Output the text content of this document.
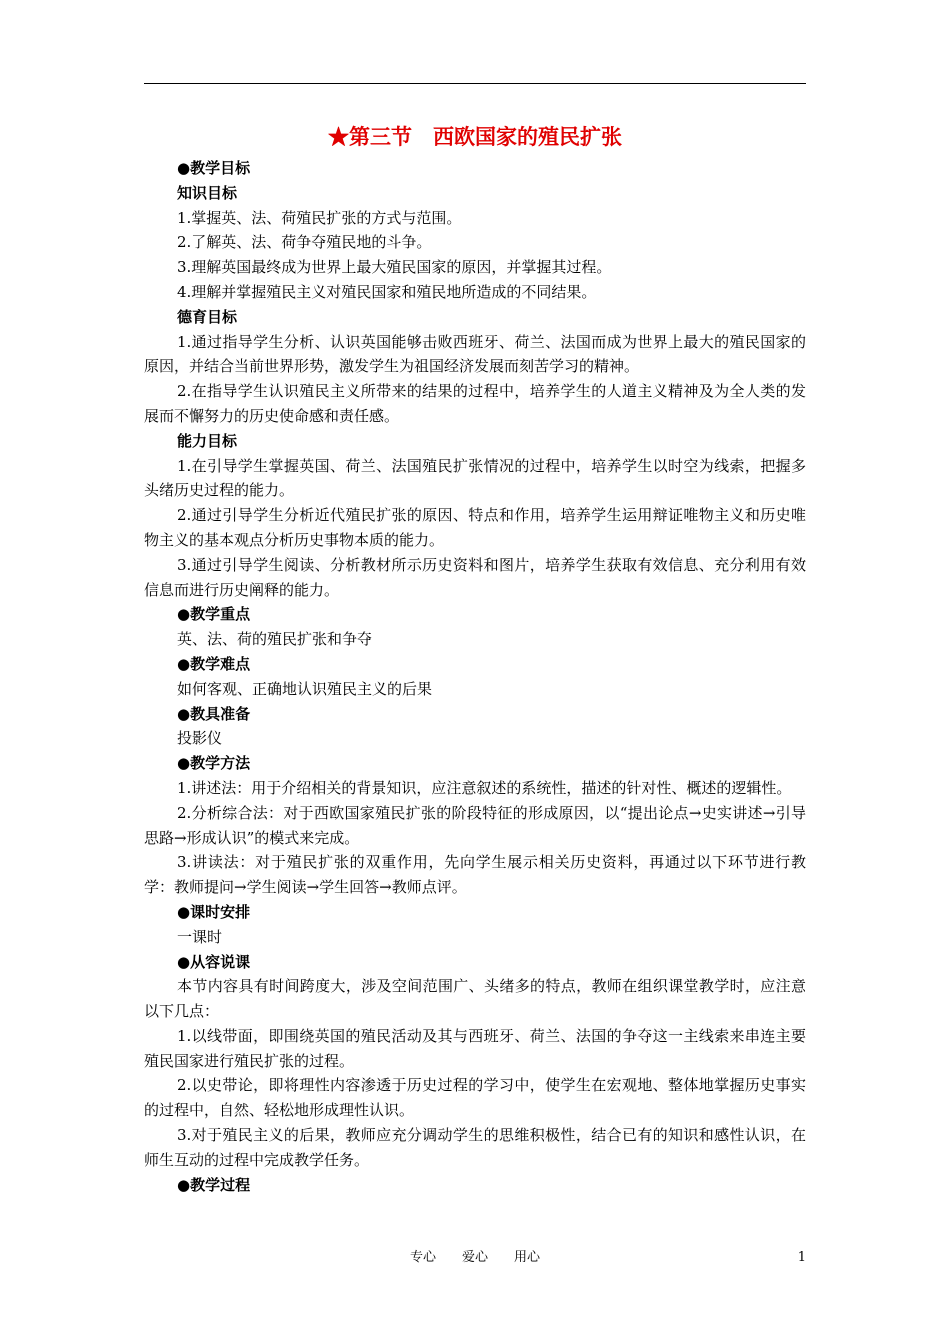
★第三节　西欧国家的殖民扩张
●教学目标
知识目标
1.掌握英、法、荷殖民扩张的方式与范围。
2.了解英、法、荷争夺殖民地的斗争。
3.理解英国最终成为世界上最大殖民国家的原因，并掌握其过程。
4.理解并掌握殖民主义对殖民国家和殖民地所造成的不同结果。
德育目标
1.通过指导学生分析、认识英国能够击败西班牙、荷兰、法国而成为世界上最大的殖民国家的原因，并结合当前世界形势，激发学生为祖国经济发展而刻苦学习的精神。
2.在指导学生认识殖民主义所带来的结果的过程中，培养学生的人道主义精神及为全人类的发展而不懈努力的历史使命感和责任感。
能力目标
1.在引导学生掌握英国、荷兰、法国殖民扩张情况的过程中，培养学生以时空为线索，把握多头绪历史过程的能力。
2.通过引导学生分析近代殖民扩张的原因、特点和作用，培养学生运用辩证唯物主义和历史唯物主义的基本观点分析历史事物本质的能力。
3.通过引导学生阅读、分析教材所示历史资料和图片，培养学生获取有效信息、充分利用有效信息而进行历史阐释的能力。
●教学重点
英、法、荷的殖民扩张和争夺
●教学难点
如何客观、正确地认识殖民主义的后果
●教具准备
投影仪
●教学方法
1.讲述法：用于介绍相关的背景知识，应注意叙述的系统性，描述的针对性、概述的逻辑性。
2.分析综合法：对于西欧国家殖民扩张的阶段特征的形成原因，以“提出论点→史实讲述→引导思路→形成认识”的模式来完成。
3.讲读法：对于殖民扩张的双重作用，先向学生展示相关历史资料，再通过以下环节进行教学：教师提问→学生阅读→学生回答→教师点评。
●课时安排
一课时
●从容说课
本节内容具有时间跨度大，涉及空间范围广、头绪多的特点，教师在组织课堂教学时，应注意以下几点：
1.以线带面，即围绕英国的殖民活动及其与西班牙、荷兰、法国的争夺这一主线索来串连主要殖民国家进行殖民扩张的过程。
2.以史带论，即将理性内容渗透于历史过程的学习中，使学生在宏观地、整体地掌握历史事实的过程中，自然、轻松地形成理性认识。
3.对于殖民主义的后果，教师应充分调动学生的思维积极性，结合已有的知识和感性认识，在师生互动的过程中完成教学任务。
●教学过程
专心　　爱心　　用心	1
